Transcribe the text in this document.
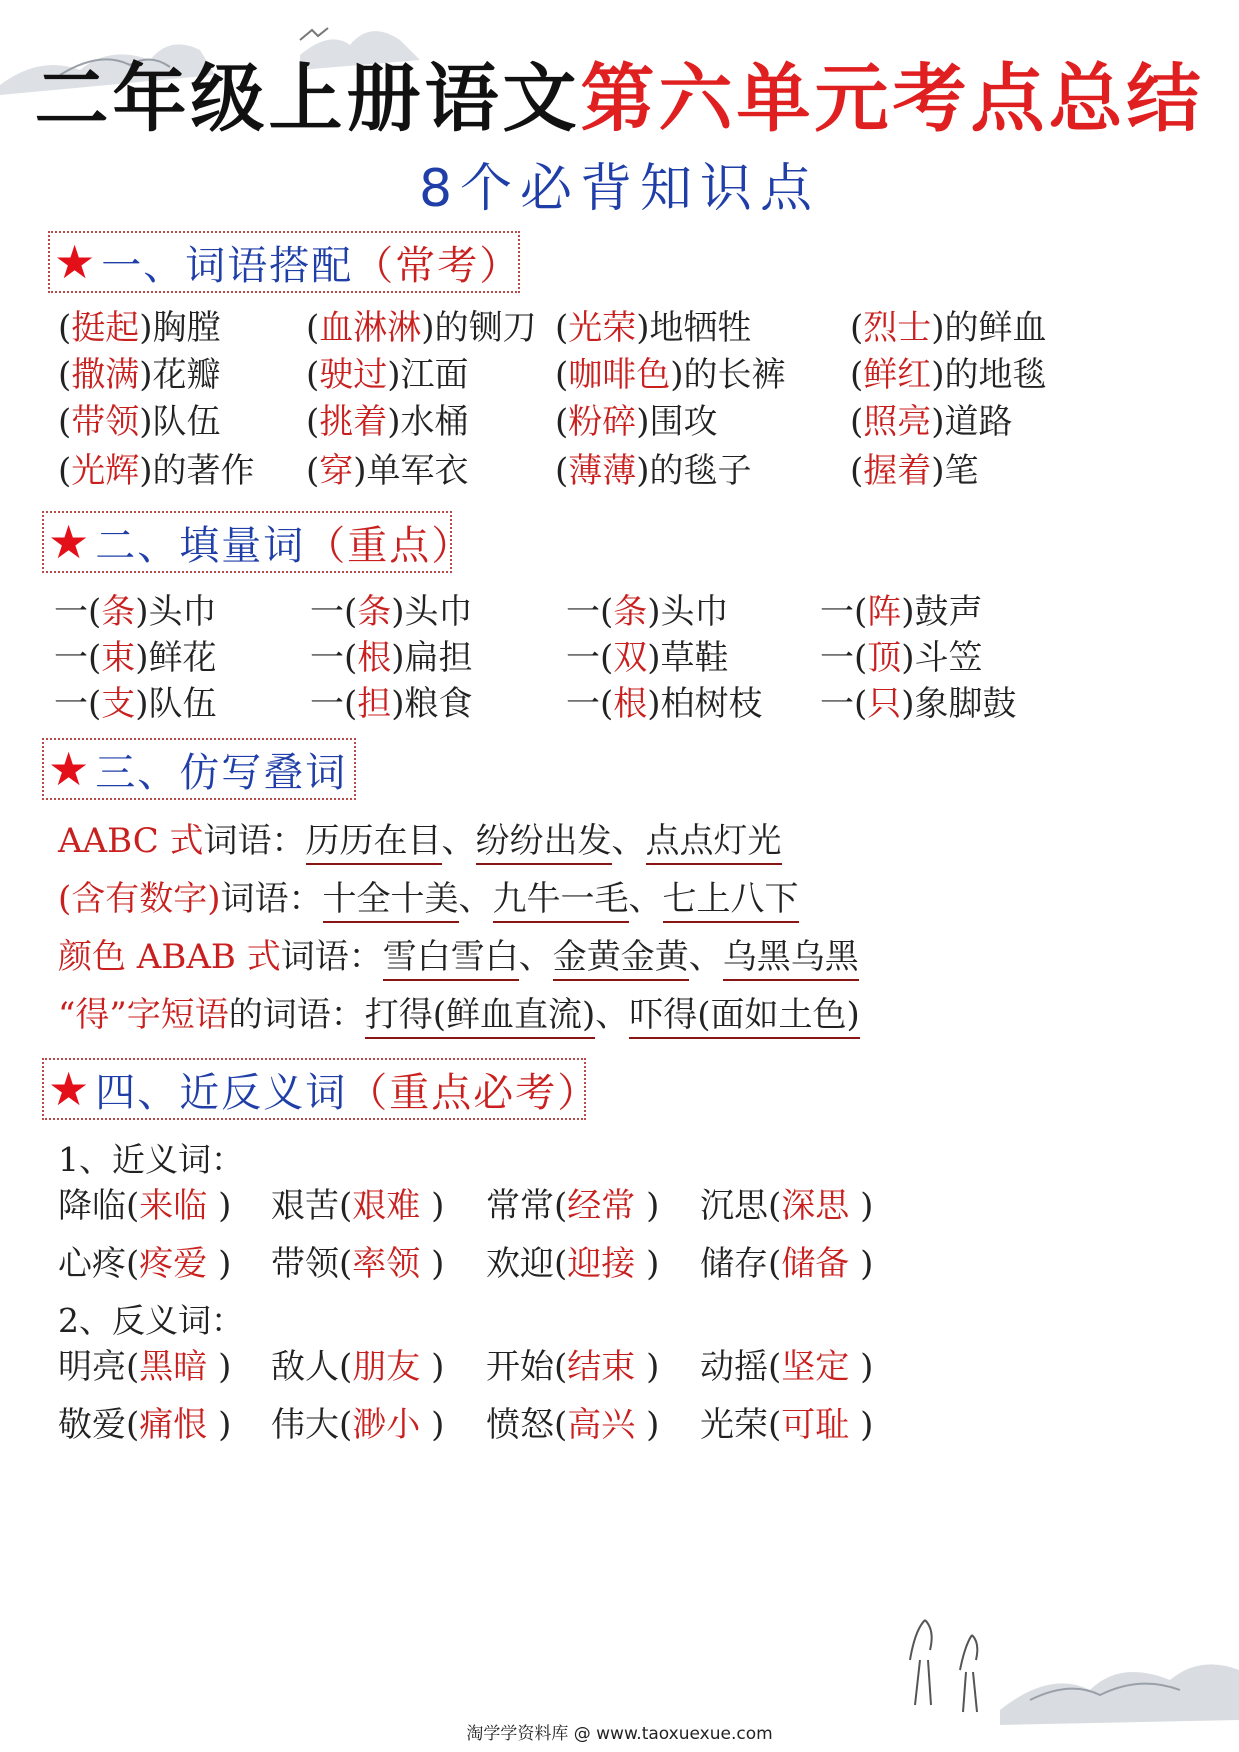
二年级上册语文第六单元考点总结
8个必背知识点
★ 一、词语搭配 （常考）
(挺起)胸膛	(血淋淋)的铡刀 (光荣)地牺牲	(烈士)的鲜血
(撒满)花瓣	(驶过)江面	(咖啡色)的长裤 (鲜红)的地毯
(带领)队伍	(挑着)水桶	(粉碎)围攻	(照亮)道路
(光辉)的著作 (穿)单军衣	(薄薄)的毯子	(握着)笔
★ 二、填量词 （重点）
一(条)头巾	一(条)头巾	一(条)头巾	一(阵)鼓声
一(束)鲜花	一(根)扁担	一(双)草鞋	一(顶)斗笠
一(支)队伍	一(担)粮食	一(根)柏树枝 一(只)象脚鼓
★ 三、仿写叠词
AABC 式词语：历历在目、纷纷出发、点点灯光
(含有数字)词语：十全十美、九牛一毛、七上八下
颜色 ABAB 式词语：雪白雪白、金黄金黄、乌黑乌黑
“得”字短语的词语：打得(鲜血直流)、吓得(面如土色)
★ 四、近反义词 （重点必考）
1、近义词：
降临(来临 ) 艰苦(艰难 ) 常常(经常 ) 沉思(深思 )
心疼(疼爱 ) 带领(率领 ) 欢迎(迎接 ) 储存(储备 )
2、反义词：
明亮(黑暗 ) 敌人(朋友 ) 开始(结束 ) 动摇(坚定 )
敬爱(痛恨 ) 伟大(渺小 ) 愤怒(高兴 ) 光荣(可耻 )
淘学学资料库 @ www.taoxuexue.com
